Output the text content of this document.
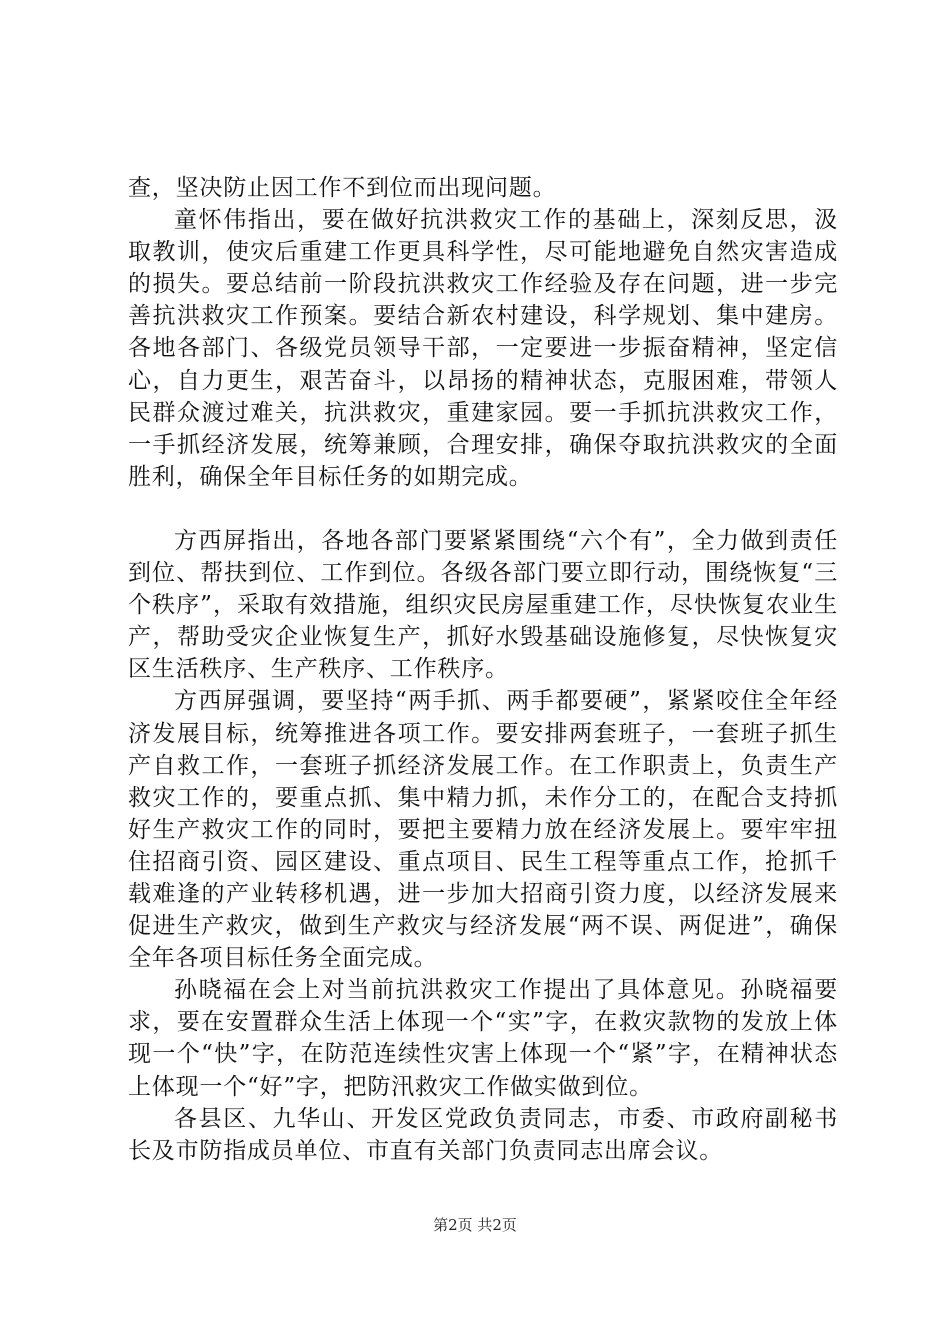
查，坚决防止因工作不到位而出现问题。

童怀伟指出，要在做好抗洪救灾工作的基础上，深刻反思，汲取教训，使灾后重建工作更具科学性，尽可能地避免自然灾害造成的损失。要总结前一阶段抗洪救灾工作经验及存在问题，进一步完善抗洪救灾工作预案。要结合新农村建设，科学规划、集中建房。各地各部门、各级党员领导干部，一定要进一步振奋精神，坚定信心，自力更生，艰苦奋斗，以昂扬的精神状态，克服困难，带领人民群众渡过难关，抗洪救灾，重建家园。要一手抓抗洪救灾工作，一手抓经济发展，统筹兼顾，合理安排，确保夺取抗洪救灾的全面胜利，确保全年目标任务的如期完成。

方西屏指出，各地各部门要紧紧围绕“六个有”，全力做到责任到位、帮扶到位、工作到位。各级各部门要立即行动，围绕恢复“三个秩序”，采取有效措施，组织灾民房屋重建工作，尽快恢复农业生产，帮助受灾企业恢复生产，抓好水毁基础设施修复，尽快恢复灾区生活秩序、生产秩序、工作秩序。

方西屏强调，要坚持“两手抓、两手都要硬”，紧紧咬住全年经济发展目标，统筹推进各项工作。要安排两套班子，一套班子抓生产自救工作，一套班子抓经济发展工作。在工作职责上，负责生产救灾工作的，要重点抓、集中精力抓，未作分工的，在配合支持抓好生产救灾工作的同时，要把主要精力放在经济发展上。要牢牢扭住招商引资、园区建设、重点项目、民生工程等重点工作，抢抓千载难逢的产业转移机遇，进一步加大招商引资力度，以经济发展来促进生产救灾，做到生产救灾与经济发展“两不误、两促进”，确保全年各项目标任务全面完成。

孙晓福在会上对当前抗洪救灾工作提出了具体意见。孙晓福要求，要在安置群众生活上体现一个“实”字，在救灾款物的发放上体现一个“快”字，在防范连续性灾害上体现一个“紧”字，在精神状态上体现一个“好”字，把防汛救灾工作做实做到位。

各县区、九华山、开发区党政负责同志，市委、市政府副秘书长及市防指成员单位、市直有关部门负责同志出席会议。

第2页 共2页
